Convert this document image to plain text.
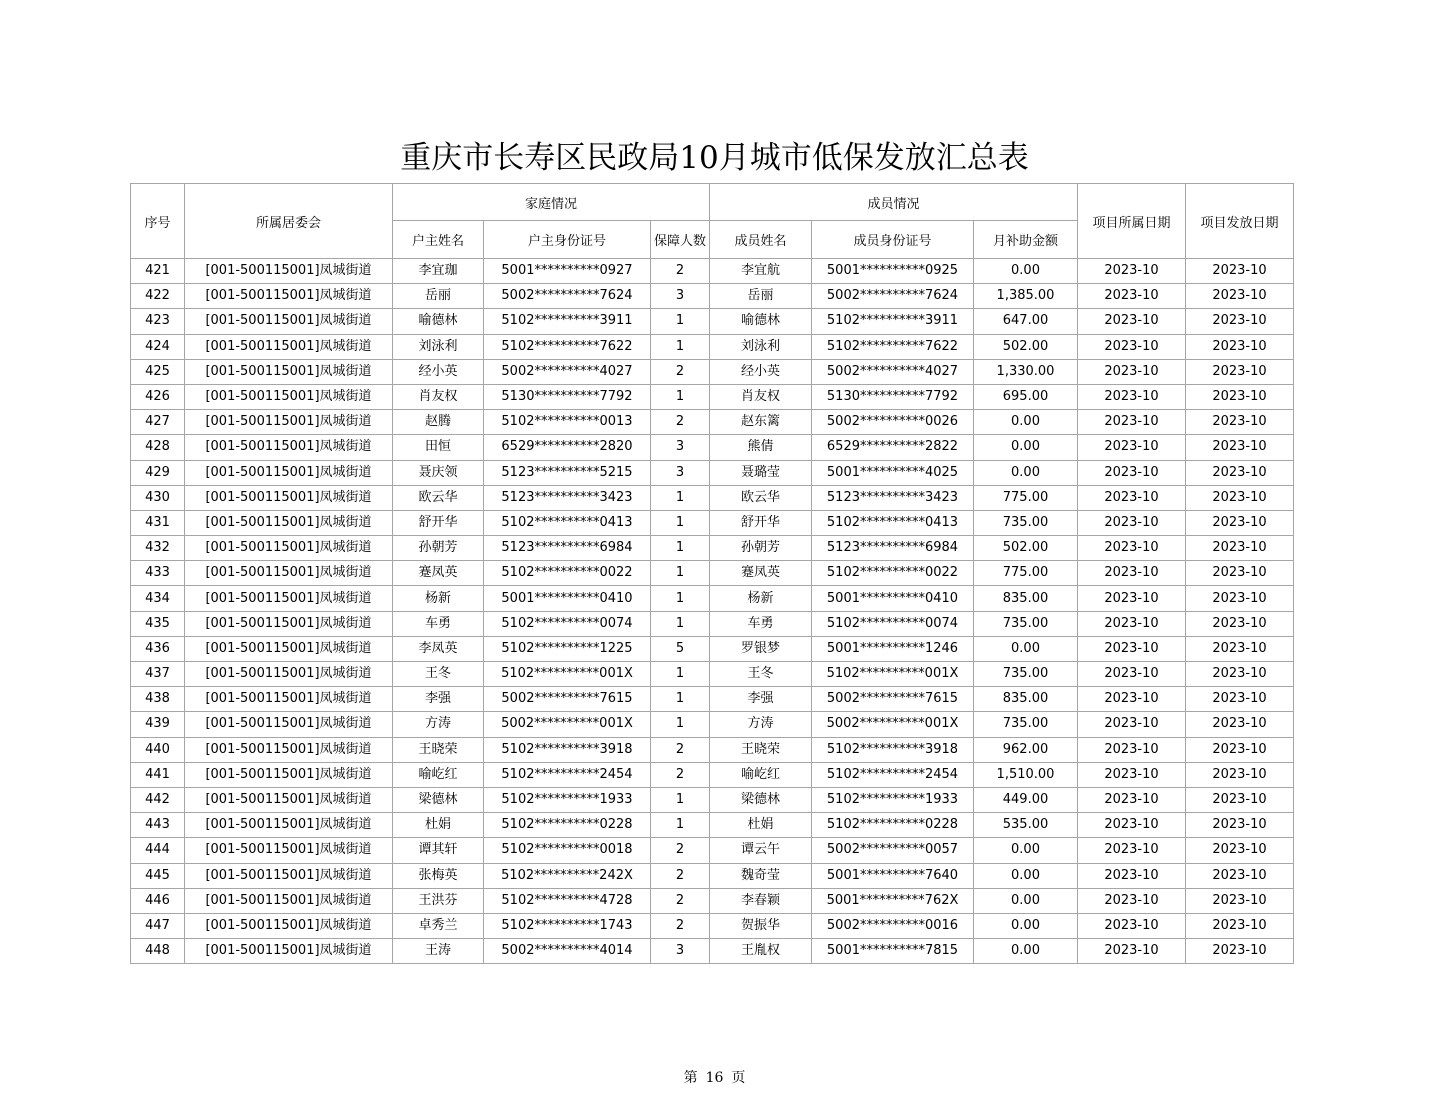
重庆市长寿区民政局10月城市低保发放汇总表
序号	所属居委会	家庭情况			成员情况			项目所属日期	项目发放日期
		户主姓名	户主身份证号	保障人数	成员姓名	成员身份证号	月补助金额		
421	[001-500115001]凤城街道	李宜珈	5001**********0927	2	李宜航	5001**********0925	0.00	2023-10	2023-10
422	[001-500115001]凤城街道	岳丽	5002**********7624	3	岳丽	5002**********7624	1,385.00	2023-10	2023-10
423	[001-500115001]凤城街道	喻德林	5102**********3911	1	喻德林	5102**********3911	647.00	2023-10	2023-10
424	[001-500115001]凤城街道	刘泳利	5102**********7622	1	刘泳利	5102**********7622	502.00	2023-10	2023-10
425	[001-500115001]凤城街道	经小英	5002**********4027	2	经小英	5002**********4027	1,330.00	2023-10	2023-10
426	[001-500115001]凤城街道	肖友权	5130**********7792	1	肖友权	5130**********7792	695.00	2023-10	2023-10
427	[001-500115001]凤城街道	赵腾	5102**********0013	2	赵东篱	5002**********0026	0.00	2023-10	2023-10
428	[001-500115001]凤城街道	田恒	6529**********2820	3	熊倩	6529**********2822	0.00	2023-10	2023-10
429	[001-500115001]凤城街道	聂庆领	5123**********5215	3	聂璐莹	5001**********4025	0.00	2023-10	2023-10
430	[001-500115001]凤城街道	欧云华	5123**********3423	1	欧云华	5123**********3423	775.00	2023-10	2023-10
431	[001-500115001]凤城街道	舒开华	5102**********0413	1	舒开华	5102**********0413	735.00	2023-10	2023-10
432	[001-500115001]凤城街道	孙朝芳	5123**********6984	1	孙朝芳	5123**********6984	502.00	2023-10	2023-10
433	[001-500115001]凤城街道	蹇凤英	5102**********0022	1	蹇凤英	5102**********0022	775.00	2023-10	2023-10
434	[001-500115001]凤城街道	杨新	5001**********0410	1	杨新	5001**********0410	835.00	2023-10	2023-10
435	[001-500115001]凤城街道	车勇	5102**********0074	1	车勇	5102**********0074	735.00	2023-10	2023-10
436	[001-500115001]凤城街道	李凤英	5102**********1225	5	罗银梦	5001**********1246	0.00	2023-10	2023-10
437	[001-500115001]凤城街道	王冬	5102**********001X	1	王冬	5102**********001X	735.00	2023-10	2023-10
438	[001-500115001]凤城街道	李强	5002**********7615	1	李强	5002**********7615	835.00	2023-10	2023-10
439	[001-500115001]凤城街道	方涛	5002**********001X	1	方涛	5002**********001X	735.00	2023-10	2023-10
440	[001-500115001]凤城街道	王晓荣	5102**********3918	2	王晓荣	5102**********3918	962.00	2023-10	2023-10
441	[001-500115001]凤城街道	喻屹红	5102**********2454	2	喻屹红	5102**********2454	1,510.00	2023-10	2023-10
442	[001-500115001]凤城街道	梁德林	5102**********1933	1	梁德林	5102**********1933	449.00	2023-10	2023-10
443	[001-500115001]凤城街道	杜娟	5102**********0228	1	杜娟	5102**********0228	535.00	2023-10	2023-10
444	[001-500115001]凤城街道	谭其轩	5102**********0018	2	谭云午	5002**********0057	0.00	2023-10	2023-10
445	[001-500115001]凤城街道	张梅英	5102**********242X	2	魏奇莹	5001**********7640	0.00	2023-10	2023-10
446	[001-500115001]凤城街道	王洪芬	5102**********4728	2	李春颖	5001**********762X	0.00	2023-10	2023-10
447	[001-500115001]凤城街道	卓秀兰	5102**********1743	2	贺振华	5002**********0016	0.00	2023-10	2023-10
448	[001-500115001]凤城街道	王涛	5002**********4014	3	王胤权	5001**********7815	0.00	2023-10	2023-10
第 16 页
